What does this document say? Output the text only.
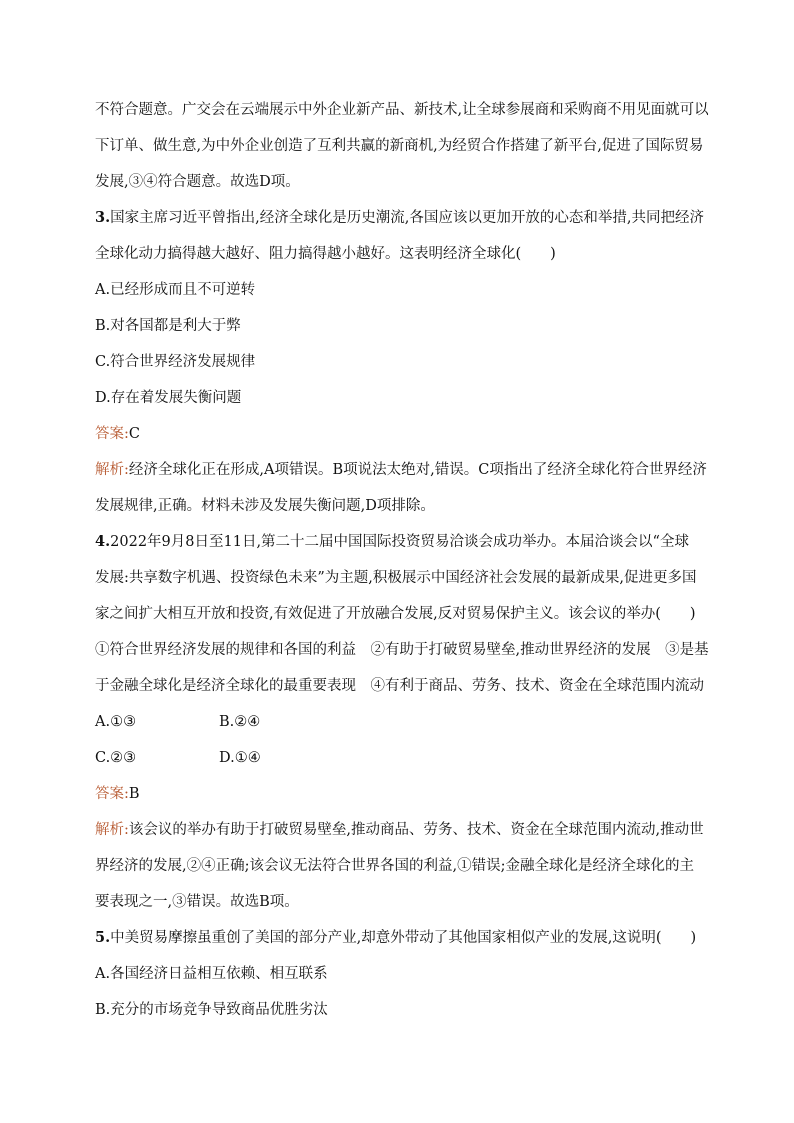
不符合题意。广交会在云端展示中外企业新产品、新技术,让全球参展商和采购商不用见面就可以

下订单、做生意,为中外企业创造了互利共赢的新商机,为经贸合作搭建了新平台,促进了国际贸易

发展,③④符合题意。故选D项。

3.国家主席习近平曾指出,经济全球化是历史潮流,各国应该以更加开放的心态和举措,共同把经济

全球化动力搞得越大越好、阻力搞得越小越好。这表明经济全球化(　　)

A.已经形成而且不可逆转

B.对各国都是利大于弊

C.符合世界经济发展规律

D.存在着发展失衡问题

答案:C

解析:经济全球化正在形成,A项错误。B项说法太绝对,错误。C项指出了经济全球化符合世界经济

发展规律,正确。材料未涉及发展失衡问题,D项排除。

4.2022年9月8日至11日,第二十二届中国国际投资贸易洽谈会成功举办。本届洽谈会以“全球

发展:共享数字机遇、投资绿色未来”为主题,积极展示中国经济社会发展的最新成果,促进更多国

家之间扩大相互开放和投资,有效促进了开放融合发展,反对贸易保护主义。该会议的举办(　　)

①符合世界经济发展的规律和各国的利益　②有助于打破贸易壁垒,推动世界经济的发展　③是基

于金融全球化是经济全球化的最重要表现　④有利于商品、劳务、技术、资金在全球范围内流动

A.①③	B.②④
C.②③	D.①④

答案:B

解析:该会议的举办有助于打破贸易壁垒,推动商品、劳务、技术、资金在全球范围内流动,推动世

界经济的发展,②④正确;该会议无法符合世界各国的利益,①错误;金融全球化是经济全球化的主

要表现之一,③错误。故选B项。

5.中美贸易摩擦虽重创了美国的部分产业,却意外带动了其他国家相似产业的发展,这说明(　　)

A.各国经济日益相互依赖、相互联系

B.充分的市场竞争导致商品优胜劣汰
